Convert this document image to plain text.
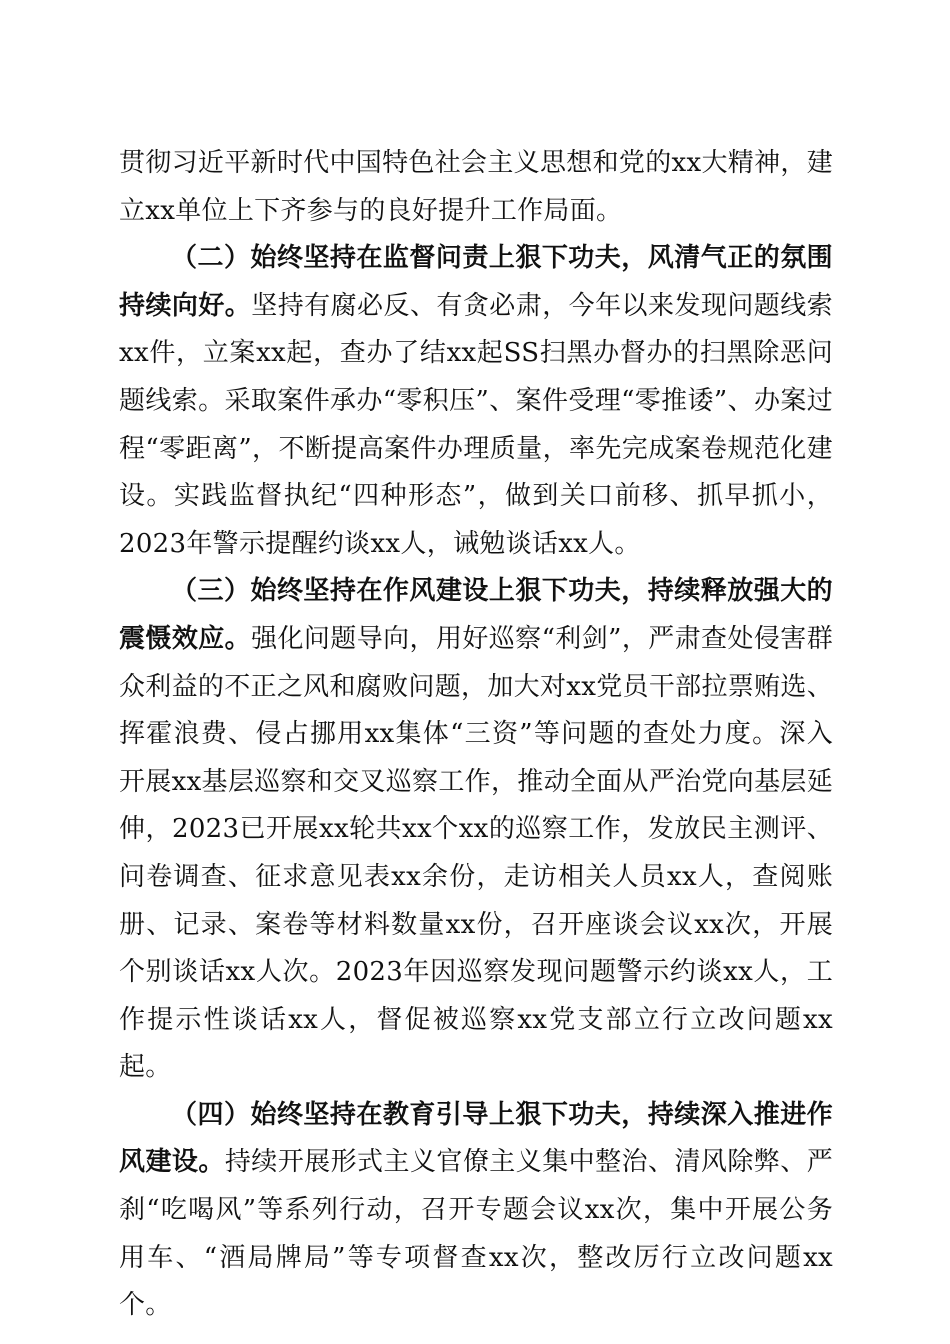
贯彻习近平新时代中国特色社会主义思想和党的xx大精神，建立xx单位上下齐参与的良好提升工作局面。

（二）始终坚持在监督问责上狠下功夫，风清气正的氛围持续向好。坚持有腐必反、有贪必肃，今年以来发现问题线索xx件，立案xx起，查办了结xx起SS扫黑办督办的扫黑除恶问题线索。采取案件承办“零积压”、案件受理“零推诿”、办案过程“零距离”，不断提高案件办理质量，率先完成案卷规范化建设。实践监督执纪“四种形态”，做到关口前移、抓早抓小，2023年警示提醒约谈xx人，诫勉谈话xx人。

（三）始终坚持在作风建设上狠下功夫，持续释放强大的震慑效应。强化问题导向，用好巡察“利剑”，严肃查处侵害群众利益的不正之风和腐败问题，加大对xx党员干部拉票贿选、挥霍浪费、侵占挪用xx集体“三资”等问题的查处力度。深入开展xx基层巡察和交叉巡察工作，推动全面从严治党向基层延伸，2023已开展xx轮共xx个xx的巡察工作，发放民主测评、问卷调查、征求意见表xx余份，走访相关人员xx人，查阅账册、记录、案卷等材料数量xx份，召开座谈会议xx次，开展个别谈话xx人次。2023年因巡察发现问题警示约谈xx人，工作提示性谈话xx人，督促被巡察xx党支部立行立改问题xx起。

（四）始终坚持在教育引导上狠下功夫，持续深入推进作风建设。持续开展形式主义官僚主义集中整治、清风除弊、严刹“吃喝风”等系列行动，召开专题会议xx次，集中开展公务用车、“酒局牌局”等专项督查xx次，整改厉行立改问题xx个。
